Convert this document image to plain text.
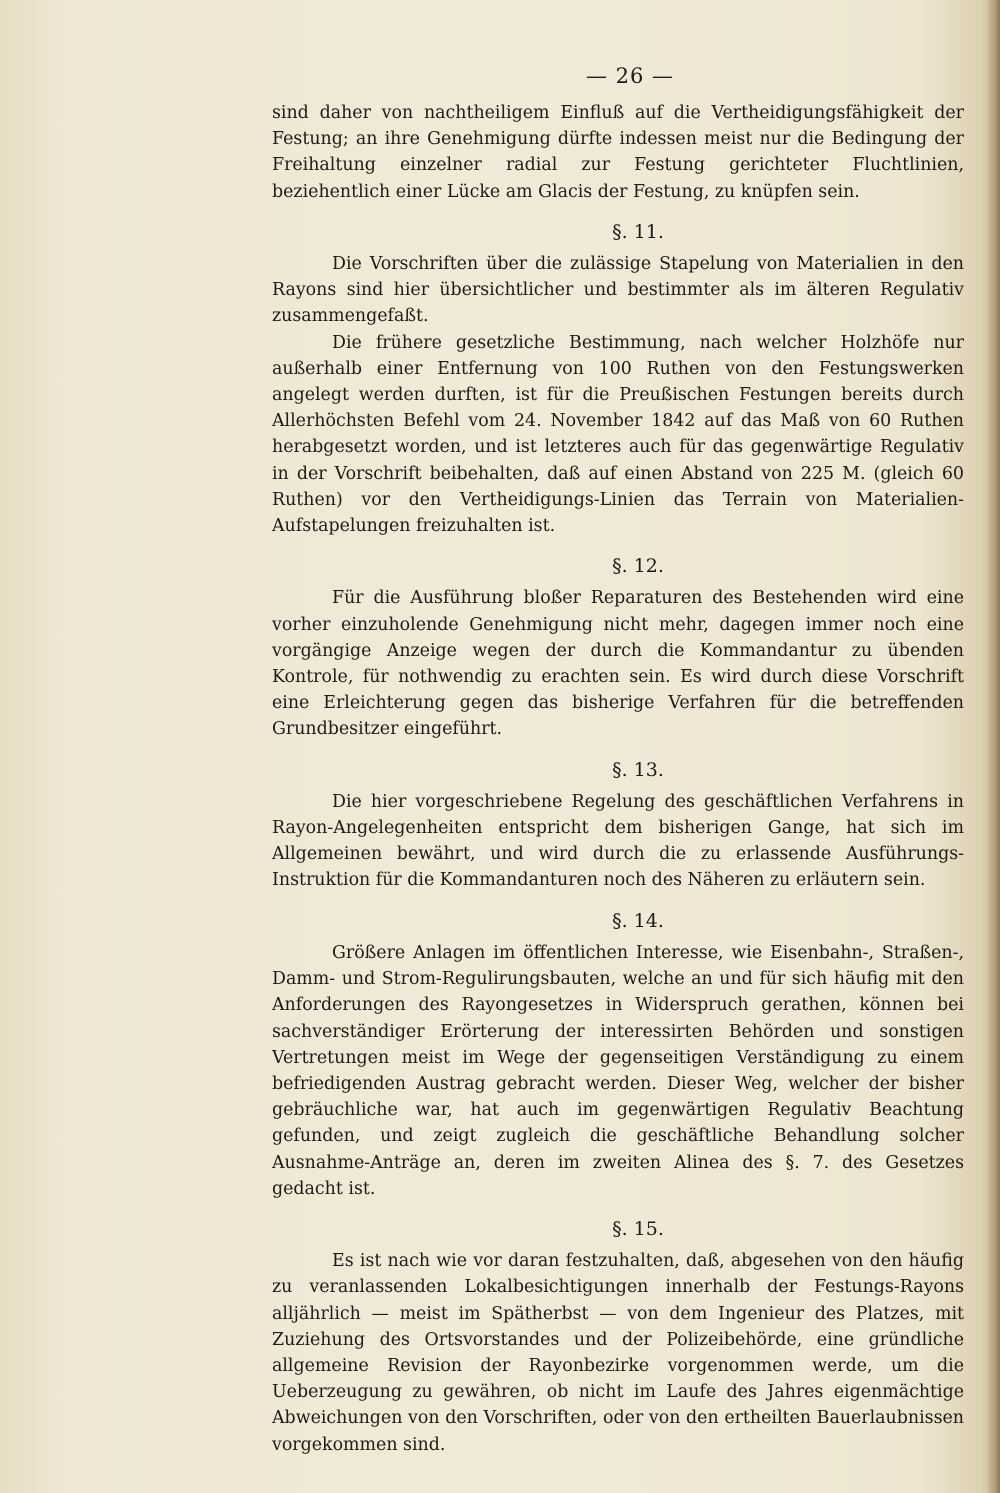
— 26 —

sind daher von nachtheiligem Einfluß auf die Vertheidigungsfähigkeit der Festung; an ihre Genehmigung dürfte indessen meist nur die Bedingung der Freihaltung einzelner radial zur Festung gerichteter Fluchtlinien, beziehentlich einer Lücke am Glacis der Festung, zu knüpfen sein.

§. 11.

Die Vorschriften über die zulässige Stapelung von Materialien in den Rayons sind hier übersichtlicher und bestimmter als im älteren Regulativ zusammengefaßt.

Die frühere gesetzliche Bestimmung, nach welcher Holzhöfe nur außerhalb einer Entfernung von 100 Ruthen von den Festungswerken angelegt werden durften, ist für die Preußischen Festungen bereits durch Allerhöchsten Befehl vom 24. November 1842 auf das Maß von 60 Ruthen herabgesetzt worden, und ist letzteres auch für das gegenwärtige Regulativ in der Vorschrift beibehalten, daß auf einen Abstand von 225 M. (gleich 60 Ruthen) vor den Vertheidigungs-Linien das Terrain von Materialien-Aufstapelungen freizuhalten ist.

§. 12.

Für die Ausführung bloßer Reparaturen des Bestehenden wird eine vorher einzuholende Genehmigung nicht mehr, dagegen immer noch eine vorgängige Anzeige wegen der durch die Kommandantur zu übenden Kontrole, für nothwendig zu erachten sein. Es wird durch diese Vorschrift eine Erleichterung gegen das bisherige Verfahren für die betreffenden Grundbesitzer eingeführt.

§. 13.

Die hier vorgeschriebene Regelung des geschäftlichen Verfahrens in Rayon-Angelegenheiten entspricht dem bisherigen Gange, hat sich im Allgemeinen bewährt, und wird durch die zu erlassende Ausführungs-Instruktion für die Kommandanturen noch des Näheren zu erläutern sein.

§. 14.

Größere Anlagen im öffentlichen Interesse, wie Eisenbahn-, Straßen-, Damm- und Strom-Regulirungsbauten, welche an und für sich häufig mit den Anforderungen des Rayongesetzes in Widerspruch gerathen, können bei sachverständiger Erörterung der interessirten Behörden und sonstigen Vertretungen meist im Wege der gegenseitigen Verständigung zu einem befriedigenden Austrag gebracht werden. Dieser Weg, welcher der bisher gebräuchliche war, hat auch im gegenwärtigen Regulativ Beachtung gefunden, und zeigt zugleich die geschäftliche Behandlung solcher Ausnahme-Anträge an, deren im zweiten Alinea des §. 7. des Gesetzes gedacht ist.

§. 15.

Es ist nach wie vor daran festzuhalten, daß, abgesehen von den häufig zu veranlassenden Lokalbesichtigungen innerhalb der Festungs-Rayons alljährlich — meist im Spätherbst — von dem Ingenieur des Platzes, mit Zuziehung des Ortsvorstandes und der Polizeibehörde, eine gründliche allgemeine Revision der Rayonbezirke vorgenommen werde, um die Ueberzeugung zu gewähren, ob nicht im Laufe des Jahres eigenmächtige Abweichungen von den Vorschriften, oder von den ertheilten Bauerlaubnissen vorgekommen sind.
